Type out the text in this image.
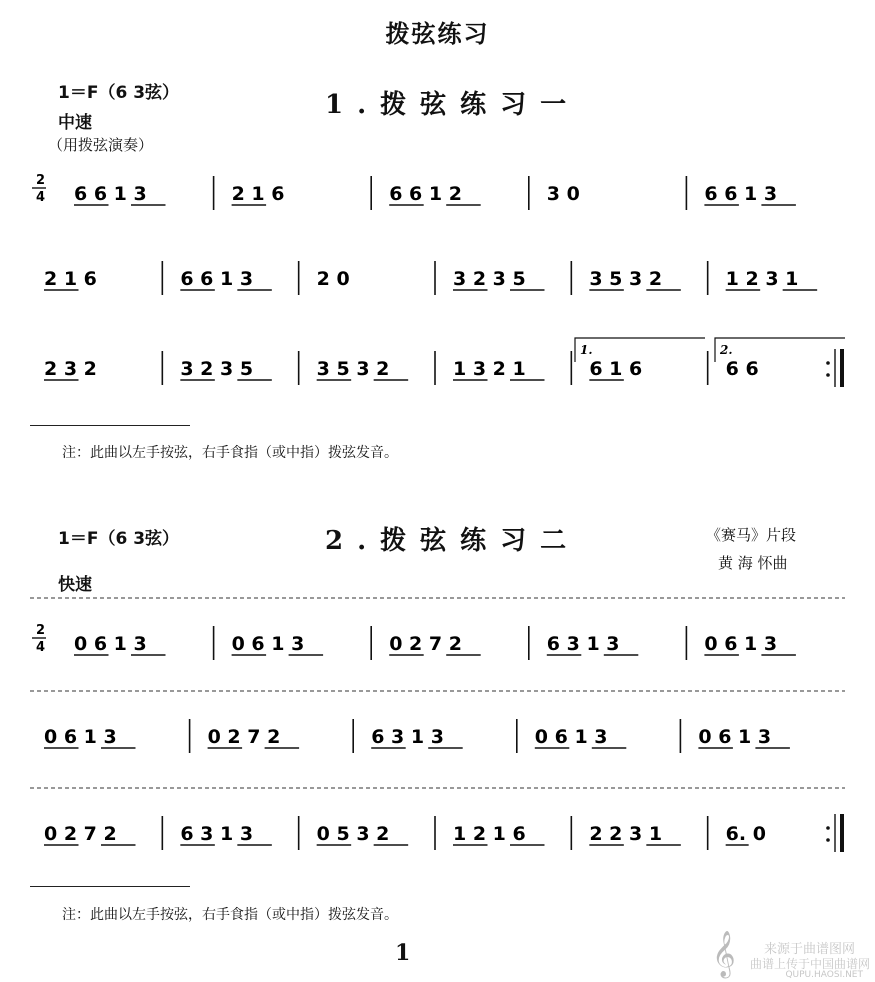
拨弦练习
1＝F（6 3弦）	1.拨弦练习一
中速
（用拨弦演奏）
2
4 6 6 1 3	2 1 6	6 6 1 2	3 0	6 6 1 3
2 1 6	6 6 1 3	2 0	3 2 3 5	3 5 3 2	1 2 3 1
2 3 2	3 2 3 5	3 5 3 2	1 3 2 1	6 1 6	6 6
1.	2.
注：此曲以左手按弦，右手食指（或中指）拨弦发音。
1＝F（6 3弦）	2.拨弦练习二	《赛马》片段
黄 海 怀曲
快速
2
4 0 6 1 3	0 6 1 3	0 2 7 2	6 3 1 3	0 6 1 3
0 6 1 3	0 2 7 2	6 3 1 3	0 6 1 3	0 6 1 3
0 2 7 2	6 3 1 3	0 5 3 2	1 2 1 6	2 2 3 1	6. 0
注：此曲以左手按弦，右手食指（或中指）拨弦发音。
1	𝄞	来源于曲谱图网
曲谱上传于中国曲谱网
QUPU.HAOSI.NET
